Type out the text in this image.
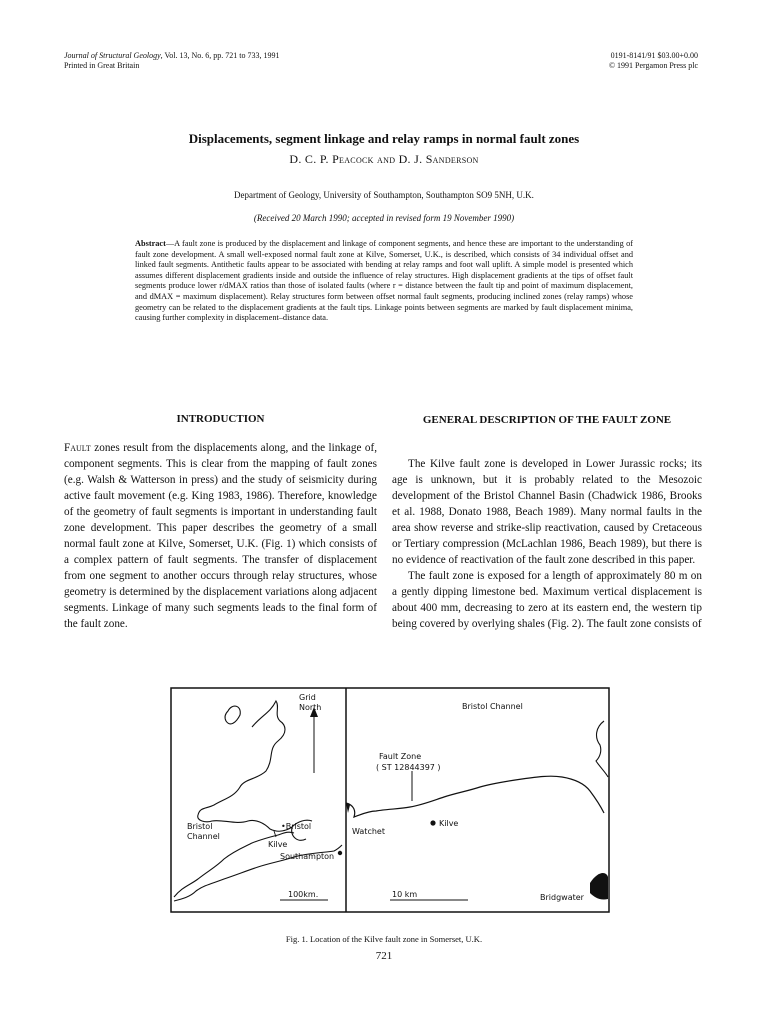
Journal of Structural Geology, Vol. 13, No. 6, pp. 721 to 733, 1991
Printed in Great Britain
0191-8141/91 $03.00+0.00
© 1991 Pergamon Press plc
Displacements, segment linkage and relay ramps in normal fault zones
D. C. P. Peacock and D. J. Sanderson
Department of Geology, University of Southampton, Southampton SO9 5NH, U.K.
(Received 20 March 1990; accepted in revised form 19 November 1990)
Abstract—A fault zone is produced by the displacement and linkage of component segments, and hence these are important to the understanding of fault zone development. A small well-exposed normal fault zone at Kilve, Somerset, U.K., is described, which consists of 34 individual offset and linked fault segments. Antithetic faults appear to be associated with bending at relay ramps and foot wall uplift. A simple model is presented which assumes different displacement gradients inside and outside the influence of relay structures. High displacement gradients at the tips of offset fault segments produce lower r/dMAX ratios than those of isolated faults (where r = distance between the fault tip and point of maximum displacement, and dMAX = maximum displacement). Relay structures form between offset normal fault segments, producing inclined zones (relay ramps) whose geometry can be related to the displacement gradients at the fault tips. Linkage points between segments are marked by fault displacement minima, causing further complexity in displacement–distance data.
INTRODUCTION	GENERAL DESCRIPTION OF THE FAULT ZONE

Fault zones result from the displacements along, and the linkage of, component segments. This is clear from the mapping of fault zones (e.g. Walsh & Watterson in press) and the study of seismicity during active fault movement (e.g. King 1983, 1986). Therefore, knowledge of the geometry of fault segments is important in understanding fault zone development. This paper describes the geometry of a small normal fault zone at Kilve, Somerset, U.K. (Fig. 1) which consists of a complex pattern of fault segments. The transfer of displacement from one segment to another occurs through relay structures, whose geometry is determined by the displacement variations along adjacent segments. Linkage of many such segments leads to the final form of the fault zone.

The Kilve fault zone is developed in Lower Jurassic rocks; its age is unknown, but it is probably related to the Mesozoic development of the Bristol Channel Basin (Chadwick 1986, Brooks et al. 1988, Donato 1988, Beach 1989). Many normal faults in the area show reverse and strike-slip reactivation, caused by Cretaceous or Tertiary compression (McLachlan 1986, Beach 1989), but there is no evidence of reactivation of the fault zone described in this paper.

The fault zone is exposed for a length of approximately 80 m on a gently dipping limestone bed. Maximum vertical displacement is about 400 mm, decreasing to zero at its eastern end, the western tip being covered by overlying shales (Fig. 2). The fault zone consists of

Grid
North
Bristol
Channel
•Bristol
Kilve
Southampton
100km.
Fault Zone
( ST 12844397 )
Bristol Channel
Watchet
Kilve
10 km	Bridgwater
Fig. 1. Location of the Kilve fault zone in Somerset, U.K.
721
